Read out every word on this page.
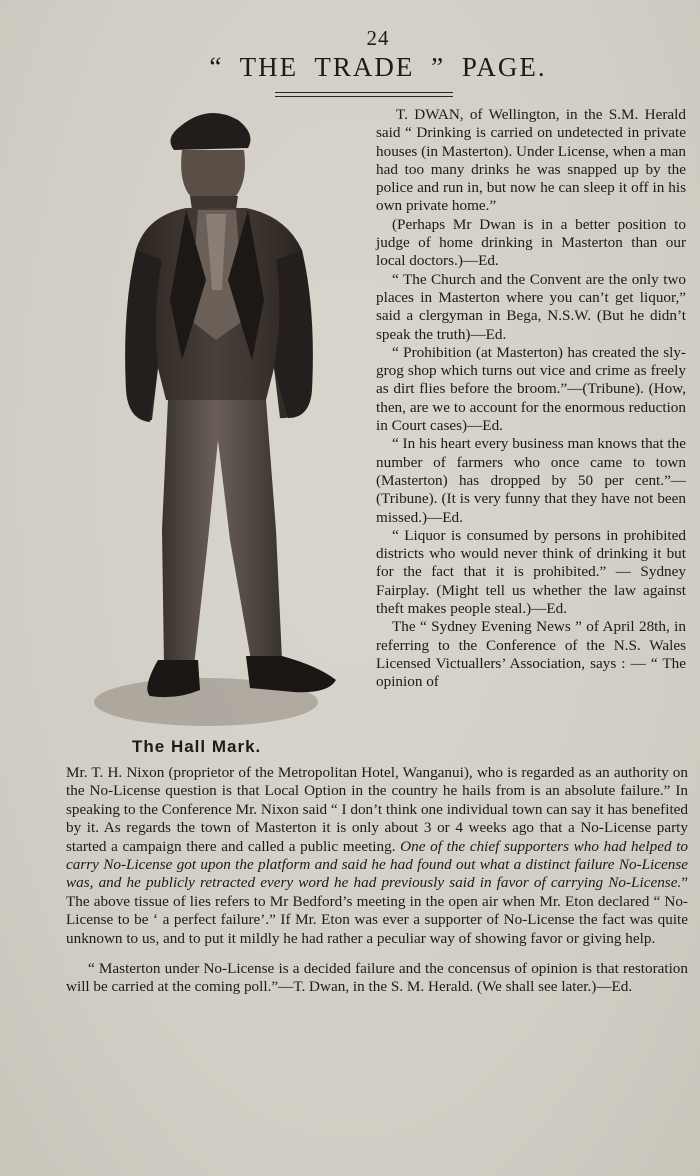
24
“ THE TRADE ” PAGE.
The Hall Mark.

T. DWAN, of Wellington, in the S.M. Herald said “ Drinking is carried on undetected in private houses (in Masterton). Under License, when a man had too many drinks he was snapped up by the police and run in, but now he can sleep it off in his own private home.”

(Perhaps Mr Dwan is in a better position to judge of home drinking in Masterton than our local doctors.)—Ed.

“ The Church and the Convent are the only two places in Masterton where you can’t get liquor,” said a clergyman in Bega, N.S.W. (But he didn’t speak the truth)—Ed.

“ Prohibition (at Masterton) has created the sly-grog shop which turns out vice and crime as freely as dirt flies before the broom.”—(Tribune). (How, then, are we to account for the enormous reduction in Court cases)—Ed.

“ In his heart every business man knows that the number of farmers who once came to town (Masterton) has dropped by 50 per cent.”—(Tribune). (It is very funny that they have not been missed.)—Ed.

“ Liquor is consumed by persons in prohibited districts who would never think of drinking it but for the fact that it is prohibited.” — Sydney Fairplay. (Might tell us whether the law against theft makes people steal.)—Ed.

The “ Sydney Evening News ” of April 28th, in referring to the Conference of the N.S. Wales Licensed Victuallers’ Association, says : — “ The opinion of

Mr. T. H. Nixon (proprietor of the Metropolitan Hotel, Wanganui), who is regarded as an authority on the No-License question is that Local Option in the country he hails from is an absolute failure.” In speaking to the Conference Mr. Nixon said “ I don’t think one individual town can say it has benefited by it. As regards the town of Masterton it is only about 3 or 4 weeks ago that a No-License party started a campaign there and called a public meeting. One of the chief supporters who had helped to carry No-License got upon the platform and said he had found out what a distinct failure No-License was, and he publicly retracted every word he had previously said in favor of carrying No-License.” The above tissue of lies refers to Mr Bedford’s meeting in the open air when Mr. Eton declared “ No-License to be ‘ a perfect failure’.” If Mr. Eton was ever a supporter of No-License the fact was quite unknown to us, and to put it mildly he had rather a peculiar way of showing favor or giving help.

“ Masterton under No-License is a decided failure and the concensus of opinion is that restoration will be carried at the coming poll.”—T. Dwan, in the S. M. Herald. (We shall see later.)—Ed.
